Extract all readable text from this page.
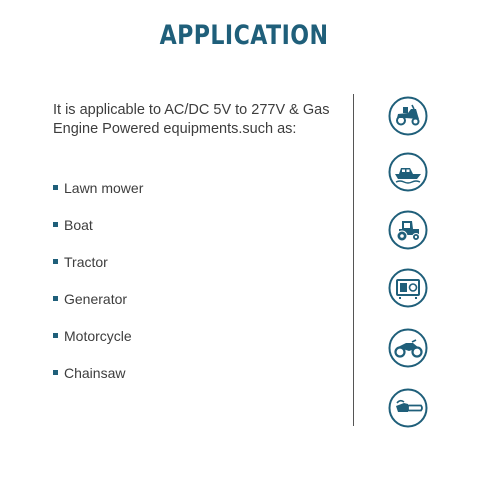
APPLICATION
It is applicable to AC/DC 5V to 277V & Gas Engine Powered equipments.such as:
Lawn mower
Boat
Tractor
Generator
Motorcycle
Chainsaw
